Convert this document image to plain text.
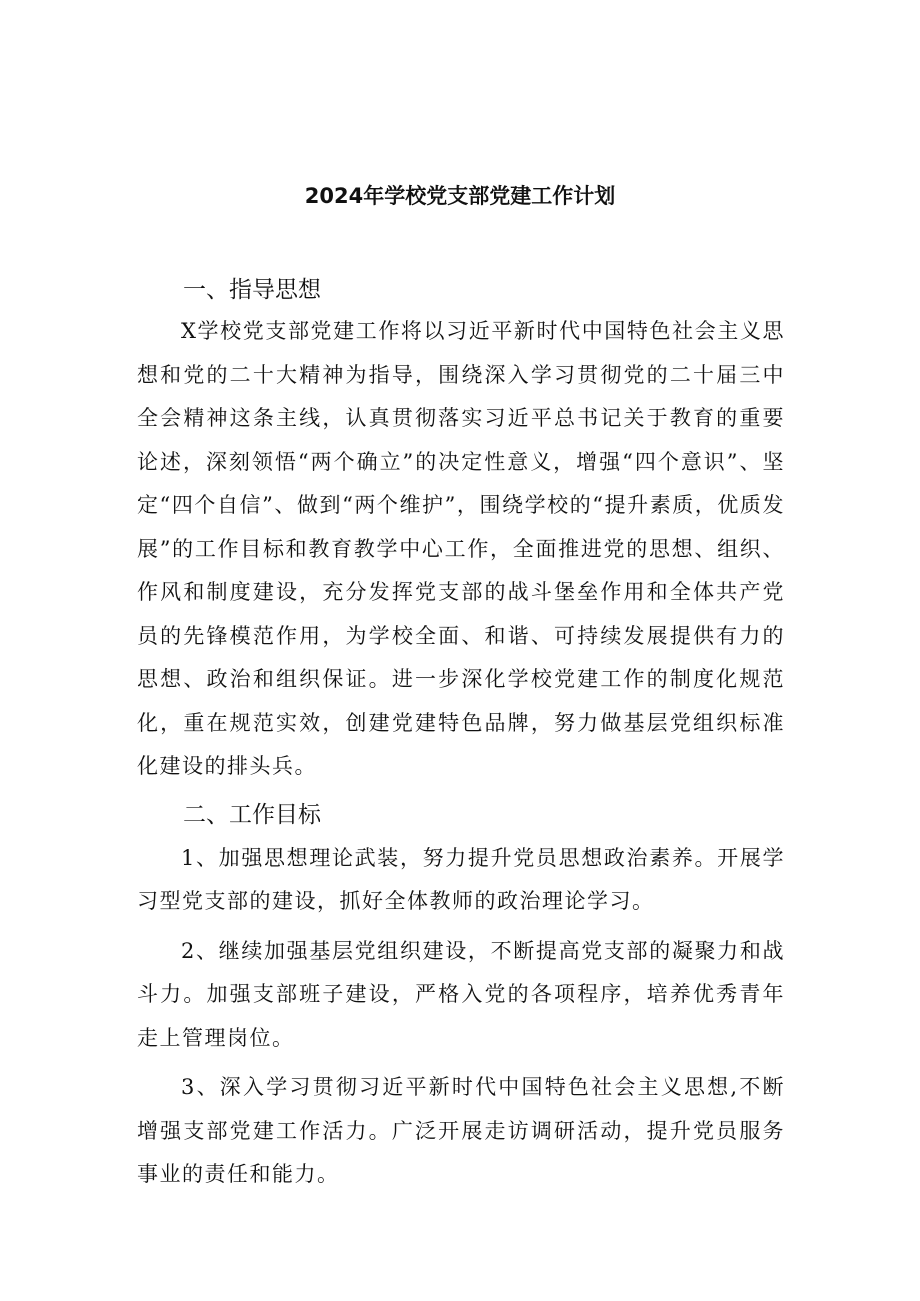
2024年学校党支部党建工作计划

一、指导思想

X学校党支部党建工作将以习近平新时代中国特色社会主义思想和党的二十大精神为指导，围绕深入学习贯彻党的二十届三中全会精神这条主线，认真贯彻落实习近平总书记关于教育的重要论述，深刻领悟“两个确立”的决定性意义，增强“四个意识”、坚定“四个自信”、做到“两个维护”，围绕学校的“提升素质，优质发展”的工作目标和教育教学中心工作，全面推进党的思想、组织、作风和制度建设，充分发挥党支部的战斗堡垒作用和全体共产党员的先锋模范作用，为学校全面、和谐、可持续发展提供有力的思想、政治和组织保证。进一步深化学校党建工作的制度化规范化，重在规范实效，创建党建特色品牌，努力做基层党组织标准化建设的排头兵。

二、工作目标

1、加强思想理论武装，努力提升党员思想政治素养。开展学习型党支部的建设，抓好全体教师的政治理论学习。

2、继续加强基层党组织建设，不断提高党支部的凝聚力和战斗力。加强支部班子建设，严格入党的各项程序，培养优秀青年走上管理岗位。

3、深入学习贯彻习近平新时代中国特色社会主义思想,不断增强支部党建工作活力。广泛开展走访调研活动，提升党员服务事业的责任和能力。
